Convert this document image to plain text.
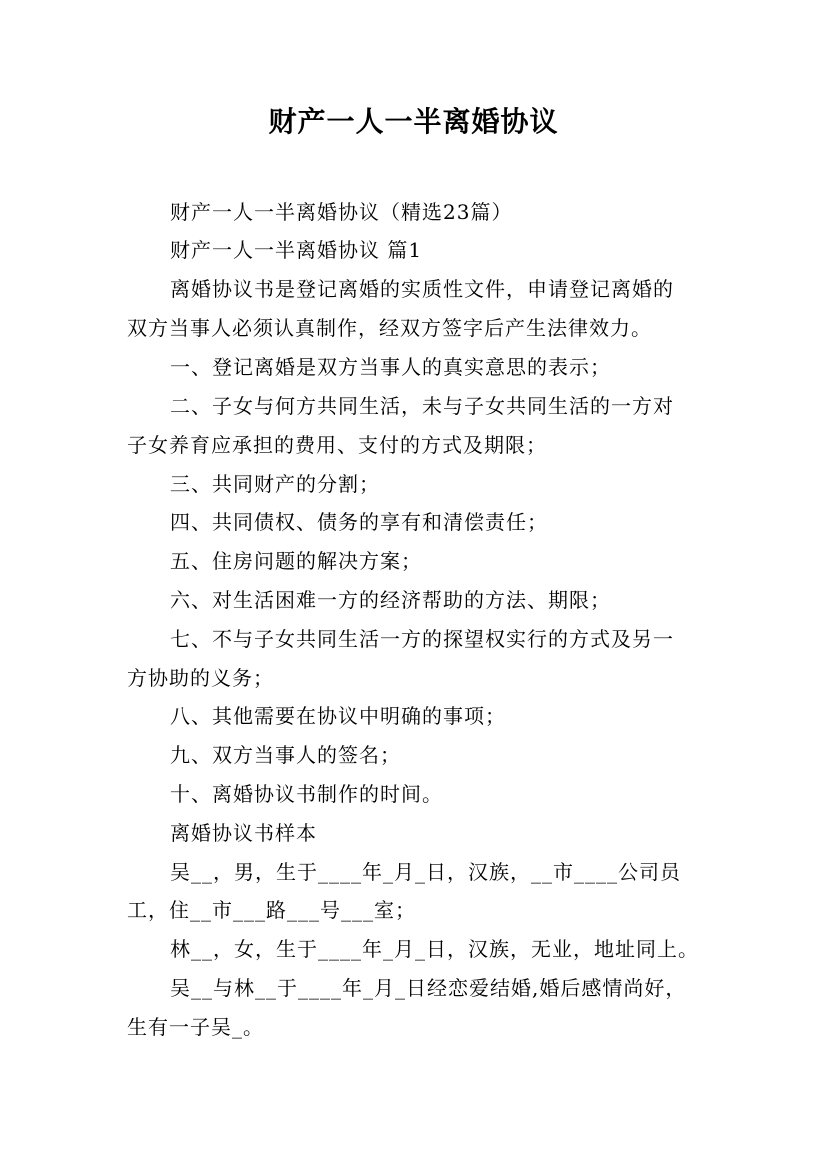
财产一人一半离婚协议
财产一人一半离婚协议（精选23篇）
财产一人一半离婚协议 篇1
离婚协议书是登记离婚的实质性文件，申请登记离婚的
双方当事人必须认真制作，经双方签字后产生法律效力。
一、登记离婚是双方当事人的真实意思的表示；
二、子女与何方共同生活，未与子女共同生活的一方对
子女养育应承担的费用、支付的方式及期限；
三、共同财产的分割；
四、共同债权、债务的享有和清偿责任；
五、住房问题的解决方案；
六、对生活困难一方的经济帮助的方法、期限；
七、不与子女共同生活一方的探望权实行的方式及另一
方协助的义务；
八、其他需要在协议中明确的事项；
九、双方当事人的签名；
十、离婚协议书制作的时间。
离婚协议书样本
吴__，男，生于____年_月_日，汉族，__市____公司员
工，住__市___路___号___室；
林__，女，生于____年_月_日，汉族，无业，地址同上。
吴__与林__于____年_月_日经恋爱结婚,婚后感情尚好，
生有一子吴_。
